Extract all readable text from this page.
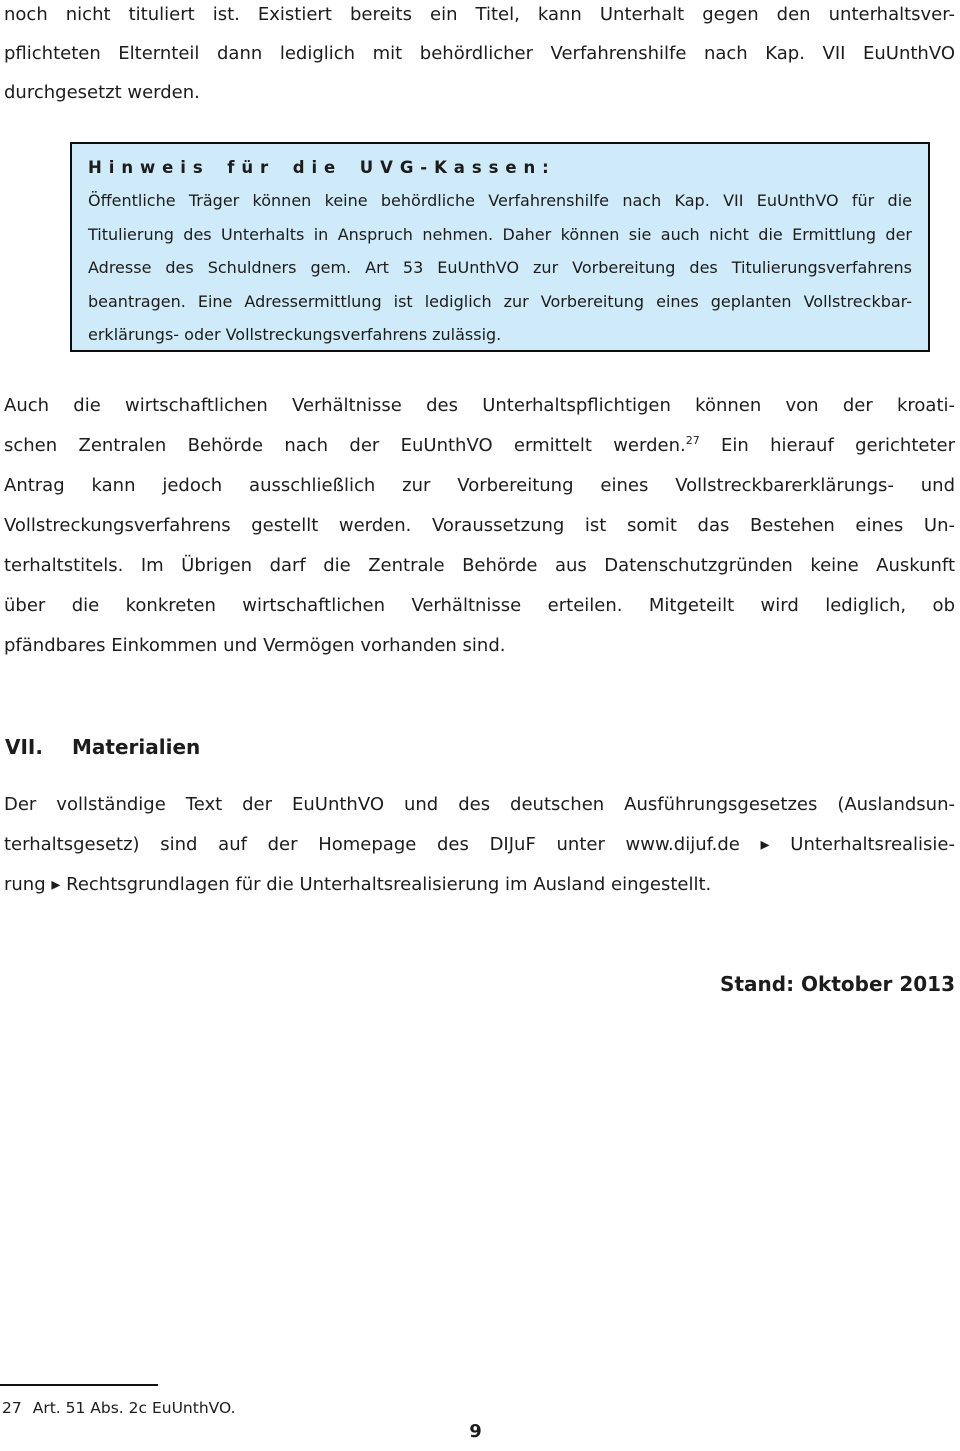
noch nicht tituliert ist. Existiert bereits ein Titel, kann Unterhalt gegen den unterhaltsver-
pflichteten Elternteil dann lediglich mit behördlicher Verfahrenshilfe nach Kap. VII EuUnthVO
durchgesetzt werden.
Hinweis für die UVG-Kassen:
Öffentliche Träger können keine behördliche Verfahrenshilfe nach Kap. VII EuUnthVO für die
Titulierung des Unterhalts in Anspruch nehmen. Daher können sie auch nicht die Ermittlung der
Adresse des Schuldners gem. Art 53 EuUnthVO zur Vorbereitung des Titulierungsverfahrens
beantragen. Eine Adressermittlung ist lediglich zur Vorbereitung eines geplanten Vollstreckbar-
erklärungs- oder Vollstreckungsverfahrens zulässig.
Auch die wirtschaftlichen Verhältnisse des Unterhaltspflichtigen können von der kroati-
schen Zentralen Behörde nach der EuUnthVO ermittelt werden.$^{27}$ Ein hierauf gerichteter
Antrag kann jedoch ausschließlich zur Vorbereitung eines Vollstreckbarerklärungs- und
Vollstreckungsverfahrens gestellt werden. Voraussetzung ist somit das Bestehen eines Un-
terhaltstitels. Im Übrigen darf die Zentrale Behörde aus Datenschutzgründen keine Auskunft
über die konkreten wirtschaftlichen Verhältnisse erteilen. Mitgeteilt wird lediglich, ob
pfändbares Einkommen und Vermögen vorhanden sind.
VII. Materialien
Der vollständige Text der EuUnthVO und des deutschen Ausführungsgesetzes (Auslandsun-
terhaltsgesetz) sind auf der Homepage des DIJuF unter www.dijuf.de ▸ Unterhaltsrealisie-
rung ▸ Rechtsgrundlagen für die Unterhaltsrealisierung im Ausland eingestellt.
Stand: Oktober 2013
27 Art. 51 Abs. 2c EuUnthVO.
9
